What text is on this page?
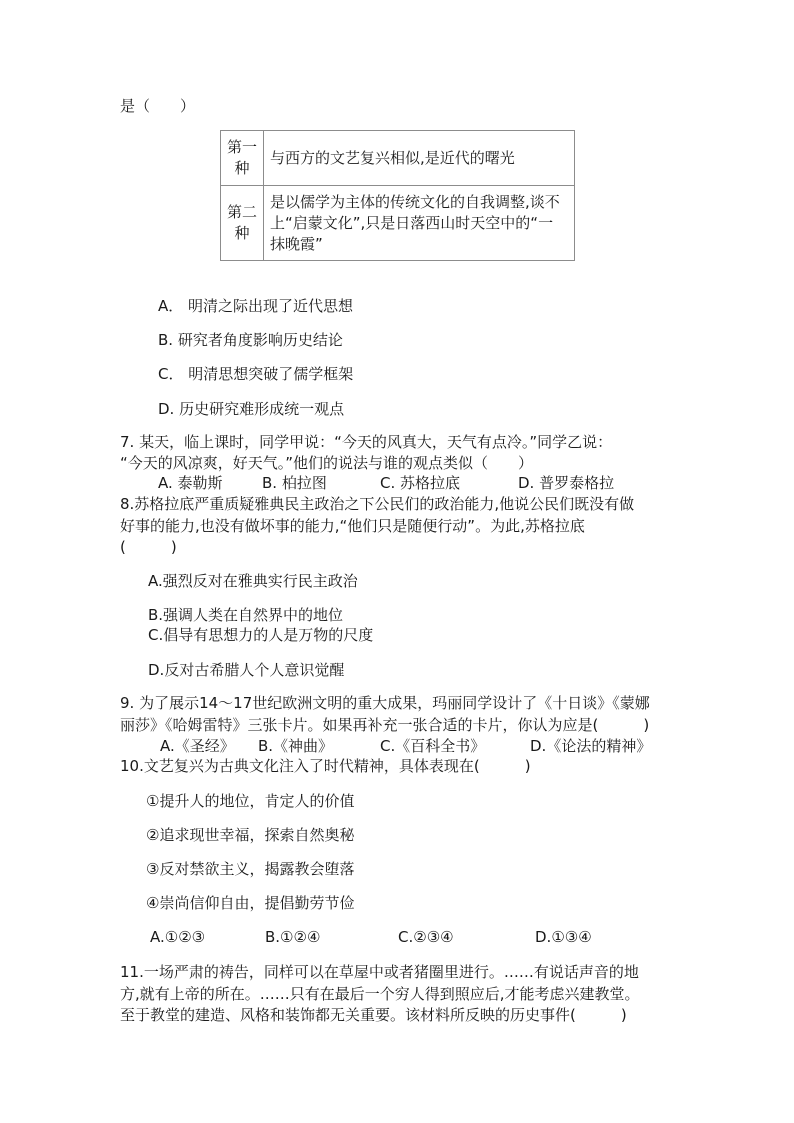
是（　　）
第一种	与西方的文艺复兴相似,是近代的曙光
第二种	是以儒学为主体的传统文化的自我调整,谈不上“启蒙文化”,只是日落西山时天空中的“一抹晚霞”
A． 明清之际出现了近代思想
B. 研究者角度影响历史结论
C． 明清思想突破了儒学框架
D. 历史研究难形成统一观点
7. 某天，临上课时，同学甲说：“今天的风真大，天气有点冷。”同学乙说：
“今天的风凉爽，好天气。”他们的说法与谁的观点类似（　　）
A. 泰勒斯	B. 柏拉图	C. 苏格拉底	D. 普罗泰格拉
8.苏格拉底严重质疑雅典民主政治之下公民们的政治能力,他说公民们既没有做
好事的能力,也没有做坏事的能力,“他们只是随便行动”。为此,苏格拉底
(　　　)
A.强烈反对在雅典实行民主政治
B.强调人类在自然界中的地位
C.倡导有思想力的人是万物的尺度
D.反对古希腊人个人意识觉醒
9. 为了展示14～17世纪欧洲文明的重大成果，玛丽同学设计了《十日谈》《蒙娜
丽莎》《哈姆雷特》三张卡片。如果再补充一张合适的卡片，你认为应是(　　　)
A.《圣经》 B.《神曲》	C.《百科全书》	D.《论法的精神》
10.文艺复兴为古典文化注入了时代精神，具体表现在(　　　)
①提升人的地位，肯定人的价值
②追求现世幸福，探索自然奥秘
③反对禁欲主义，揭露教会堕落
④崇尚信仰自由，提倡勤劳节俭
A.①②③	B.①②④	C.②③④	D.①③④
11.一场严肃的祷告，同样可以在草屋中或者猪圈里进行。……有说话声音的地
方,就有上帝的所在。……只有在最后一个穷人得到照应后,才能考虑兴建教堂。
至于教堂的建造、风格和装饰都无关重要。该材料所反映的历史事件(　　　)
